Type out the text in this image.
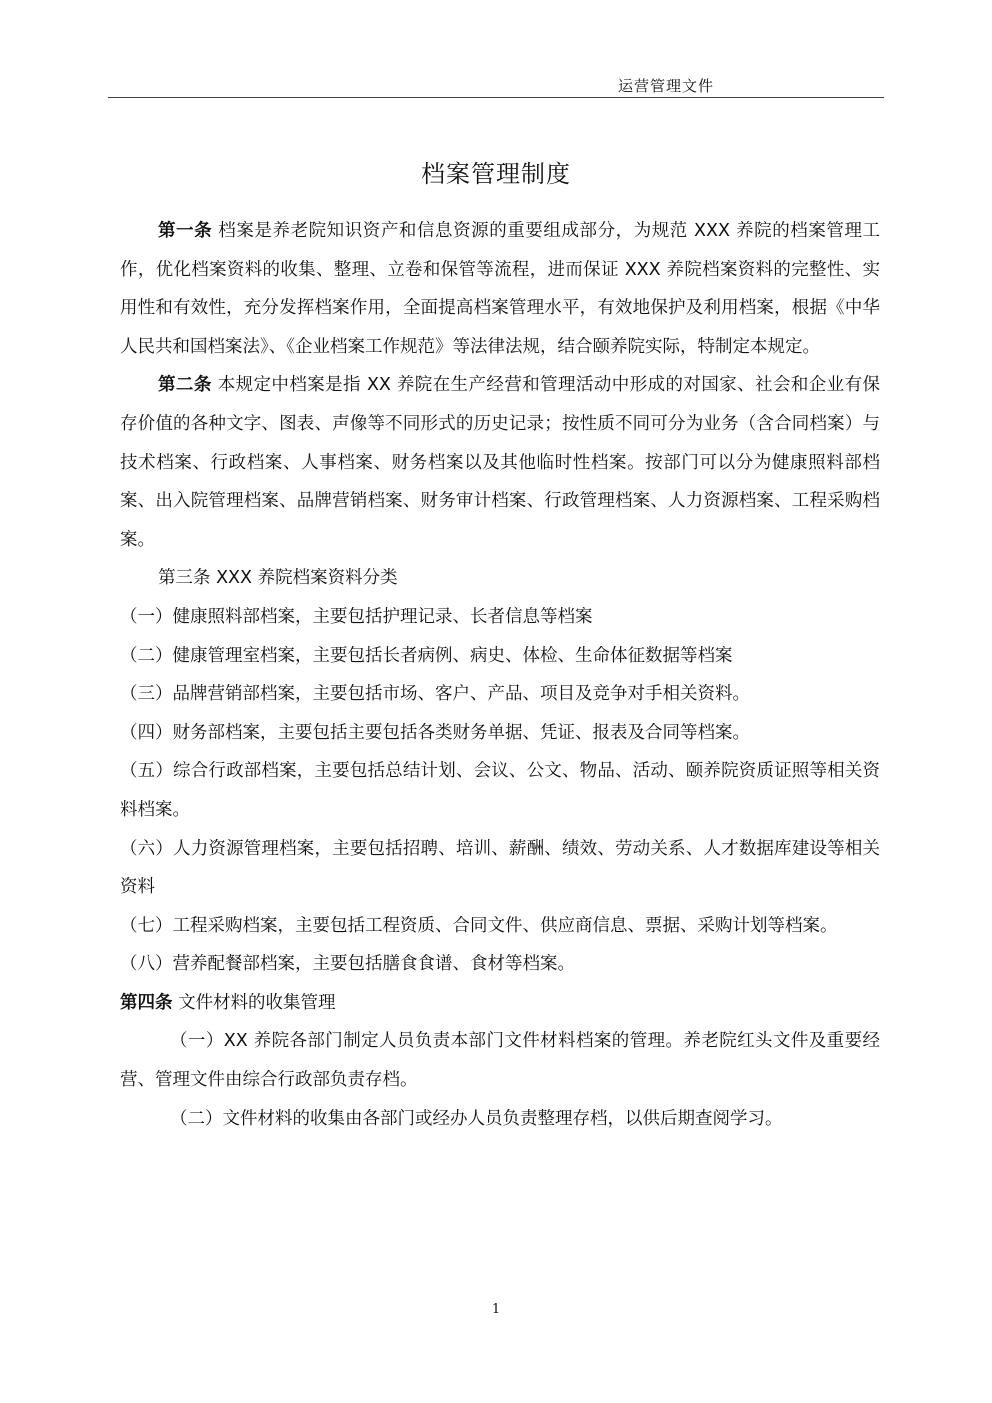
运营管理文件
档案管理制度

第一条 档案是养老院知识资产和信息资源的重要组成部分，为规范 XXX 养院的档案管理工作，优化档案资料的收集、整理、立卷和保管等流程，进而保证 XXX 养院档案资料的完整性、实用性和有效性，充分发挥档案作用，全面提高档案管理水平，有效地保护及利用档案，根据《中华人民共和国档案法》、《企业档案工作规范》等法律法规，结合颐养院实际，特制定本规定。

第二条 本规定中档案是指 XX 养院在生产经营和管理活动中形成的对国家、社会和企业有保存价值的各种文字、图表、声像等不同形式的历史记录；按性质不同可分为业务（含合同档案）与技术档案、行政档案、人事档案、财务档案以及其他临时性档案。按部门可以分为健康照料部档案、出入院管理档案、品牌营销档案、财务审计档案、行政管理档案、人力资源档案、工程采购档案。

第三条 XXX 养院档案资料分类

（一）健康照料部档案，主要包括护理记录、长者信息等档案

（二）健康管理室档案，主要包括长者病例、病史、体检、生命体征数据等档案

（三）品牌营销部档案，主要包括市场、客户、产品、项目及竞争对手相关资料。

（四）财务部档案，主要包括主要包括各类财务单据、凭证、报表及合同等档案。

（五）综合行政部档案，主要包括总结计划、会议、公文、物品、活动、颐养院资质证照等相关资料档案。

（六）人力资源管理档案，主要包括招聘、培训、薪酬、绩效、劳动关系、人才数据库建设等相关资料

（七）工程采购档案，主要包括工程资质、合同文件、供应商信息、票据、采购计划等档案。

（八）营养配餐部档案，主要包括膳食食谱、食材等档案。

第四条 文件材料的收集管理

（一）XX 养院各部门制定人员负责本部门文件材料档案的管理。养老院红头文件及重要经营、管理文件由综合行政部负责存档。

（二）文件材料的收集由各部门或经办人员负责整理存档，以供后期查阅学习。

1
